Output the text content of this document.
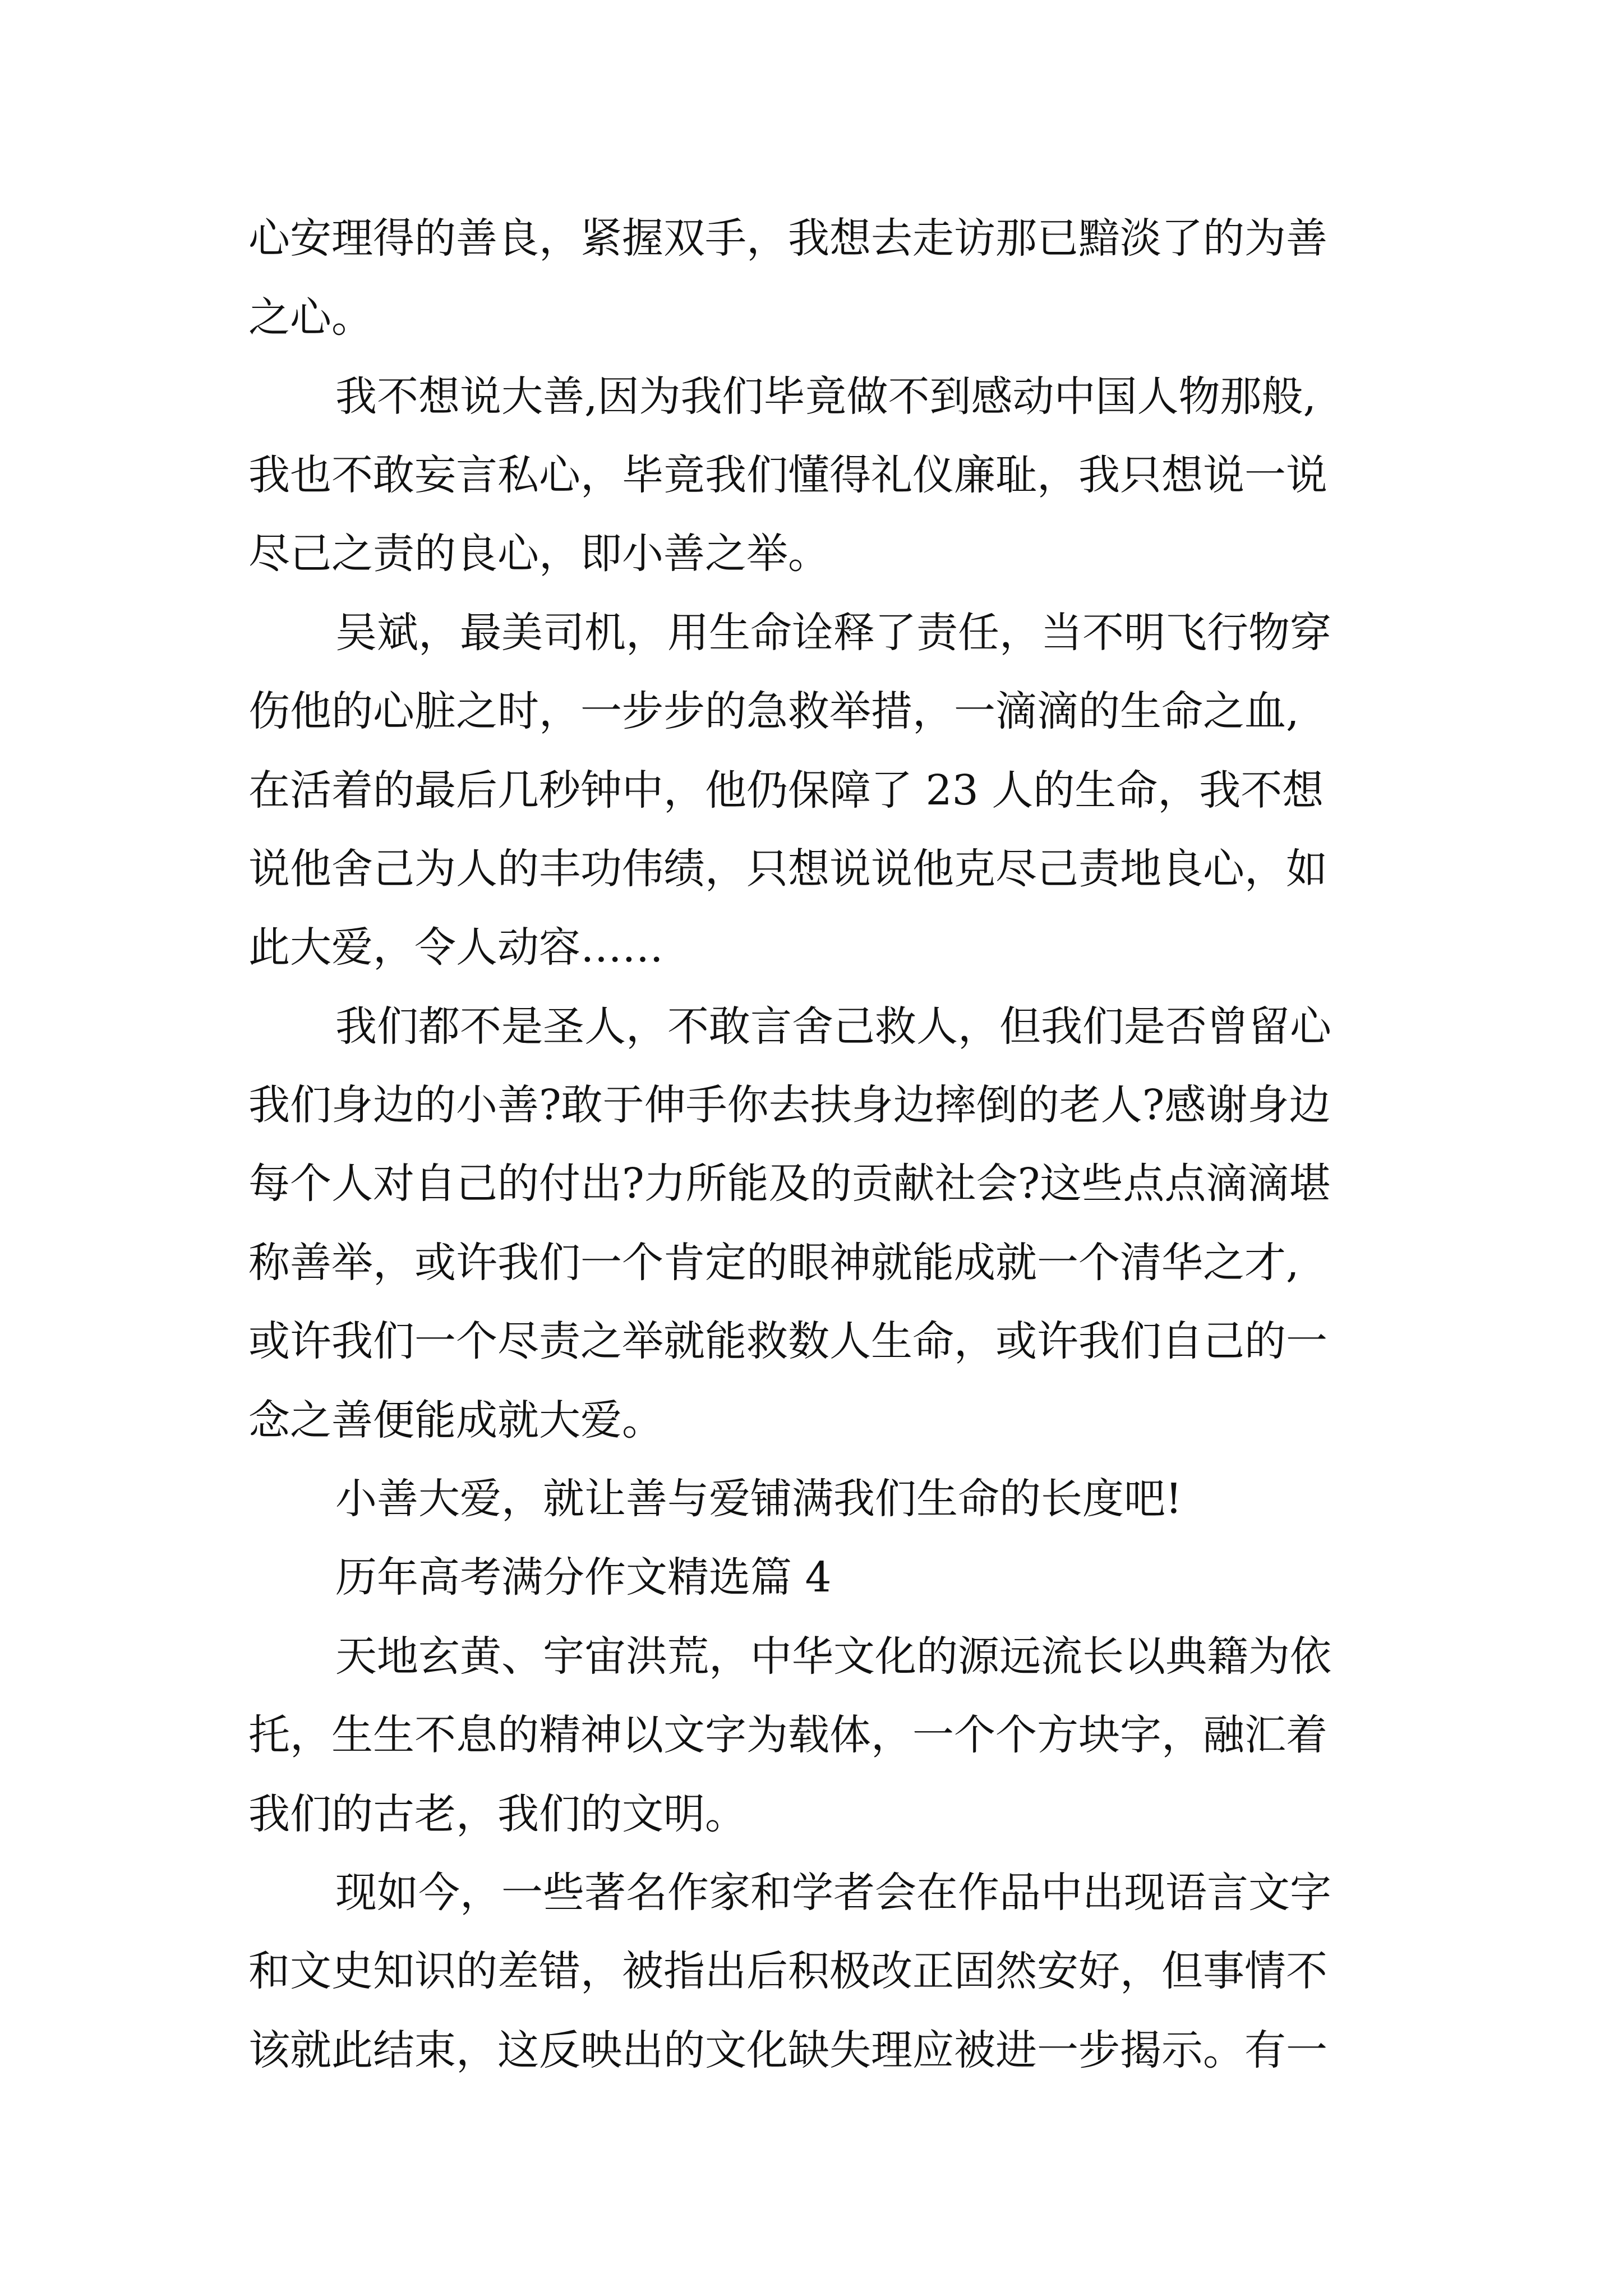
心安理得的善良，紧握双手，我想去走访那已黯淡了的为善
之心。
我不想说大善,因为我们毕竟做不到感动中国人物那般,
我也不敢妄言私心，毕竟我们懂得礼仪廉耻，我只想说一说
尽己之责的良心，即小善之举。
吴斌，最美司机，用生命诠释了责任，当不明飞行物穿
伤他的心脏之时，一步步的急救举措，一滴滴的生命之血,
在活着的最后几秒钟中，他仍保障了 23 人的生命，我不想
说他舍己为人的丰功伟绩，只想说说他克尽己责地良心，如
此大爱，令人动容……
我们都不是圣人，不敢言舍己救人，但我们是否曾留心
我们身边的小善?敢于伸手你去扶身边摔倒的老人?感谢身边
每个人对自己的付出?力所能及的贡献社会?这些点点滴滴堪
称善举，或许我们一个肯定的眼神就能成就一个清华之才,
或许我们一个尽责之举就能救数人生命，或许我们自己的一
念之善便能成就大爱。
小善大爱，就让善与爱铺满我们生命的长度吧!
历年高考满分作文精选篇 4
天地玄黄、宇宙洪荒，中华文化的源远流长以典籍为依
托，生生不息的精神以文字为载体，一个个方块字，融汇着
我们的古老，我们的文明。
现如今，一些著名作家和学者会在作品中出现语言文字
和文史知识的差错，被指出后积极改正固然安好，但事情不
该就此结束，这反映出的文化缺失理应被进一步揭示。有一
